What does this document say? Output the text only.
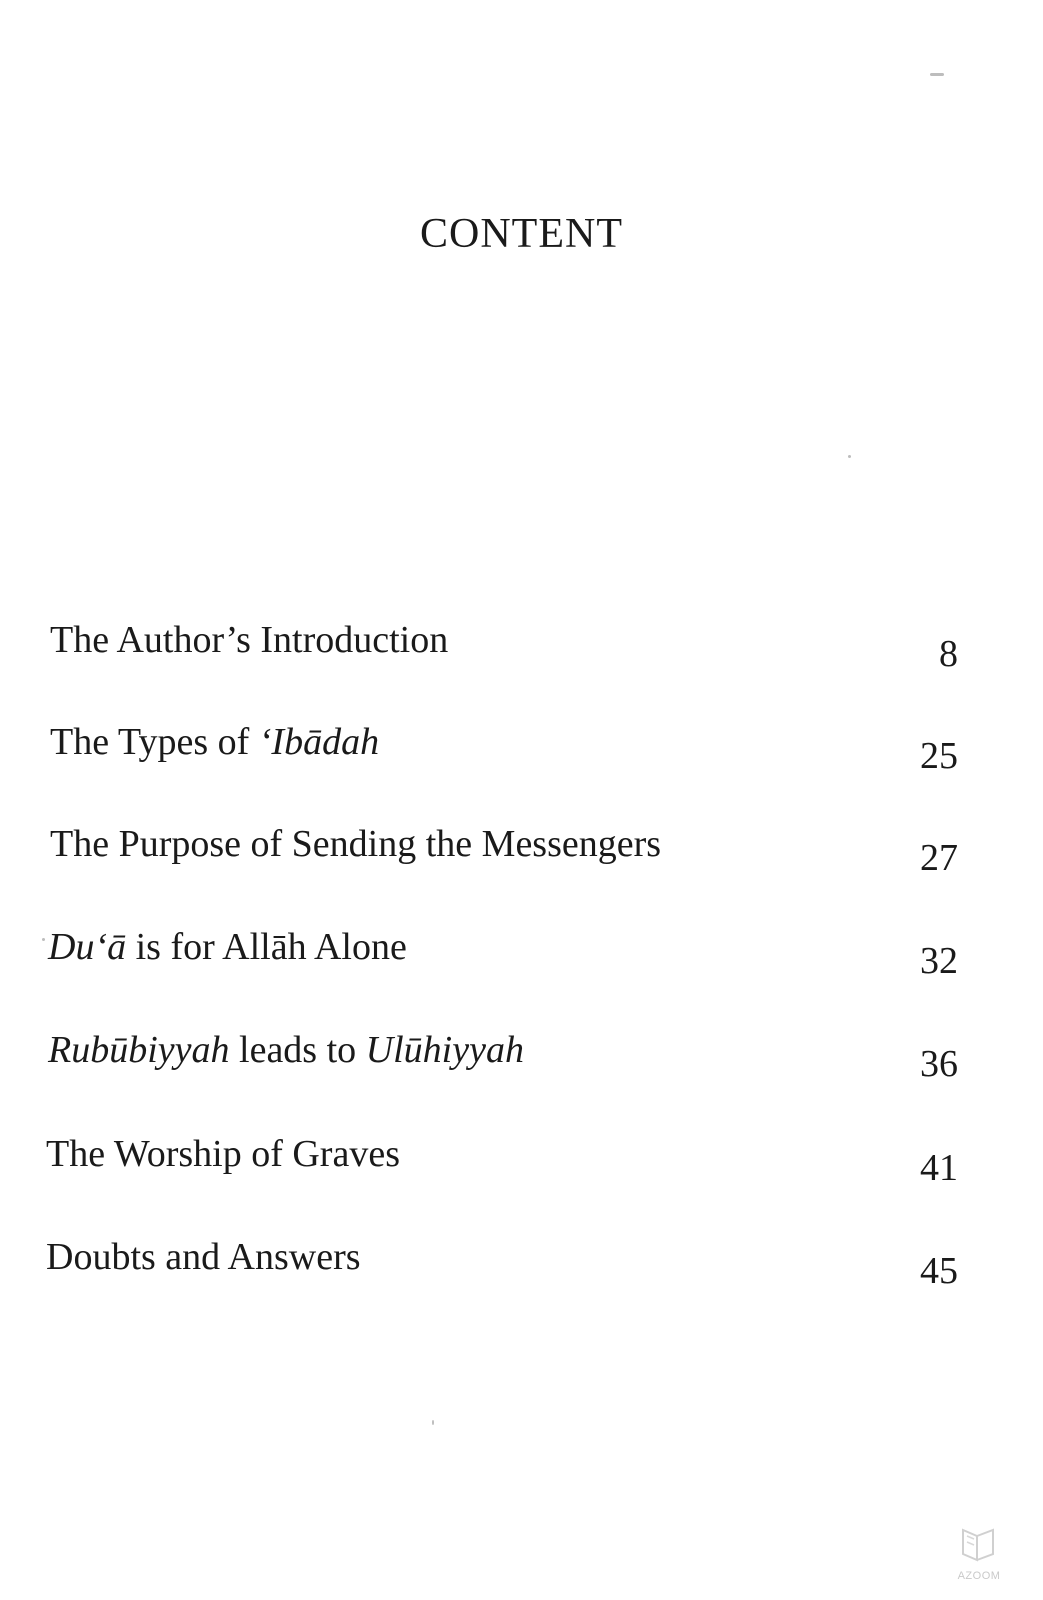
CONTENT
The Author’s Introduction	8
The Types of ‘Ibādah	25
The Purpose of Sending the Messengers	27
Du‘ā is for Allāh Alone	32
Rubūbiyyah leads to Ulūhiyyah	36
The Worship of Graves	41
Doubts and Answers	45
AZOOM
